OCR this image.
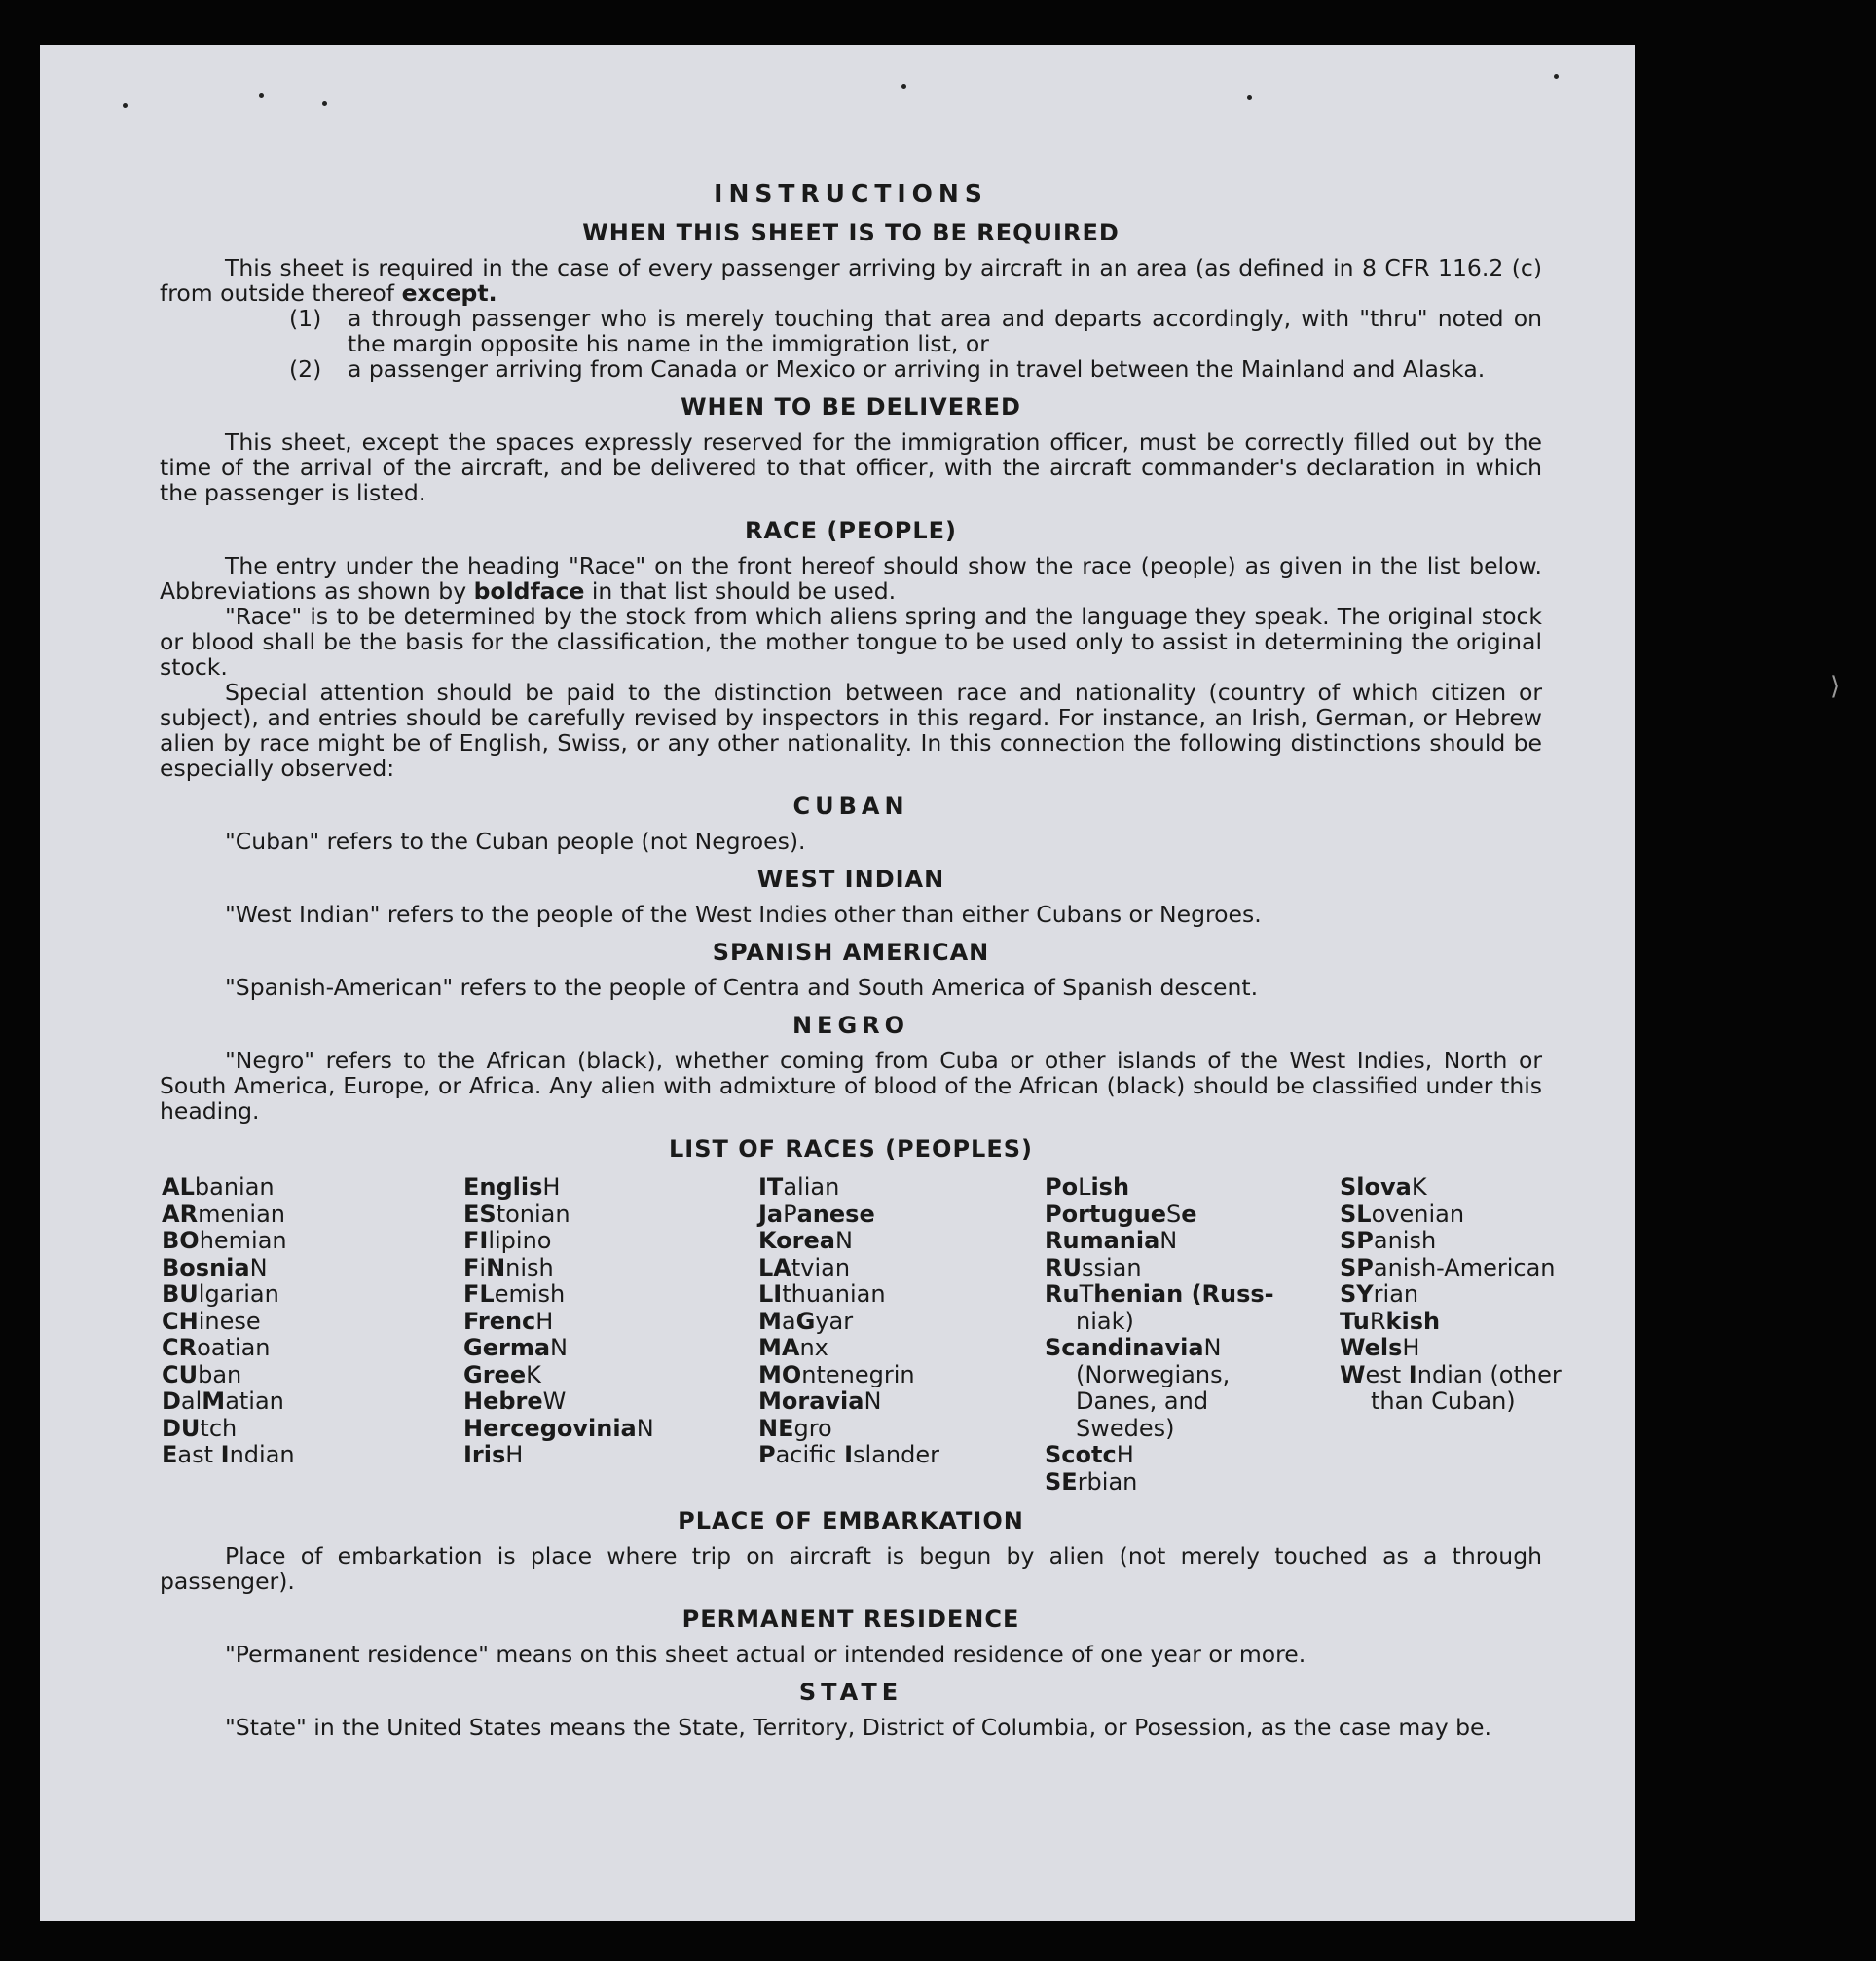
⟩
INSTRUCTIONS
WHEN THIS SHEET IS TO BE REQUIRED

This sheet is required in the case of every passenger arriving by aircraft in an area (as defined in 8 CFR 116.2 (c) from outside thereof except.

(1)	a through passenger who is merely touching that area and departs accordingly, with "thru" noted on the margin opposite his name in the immigration list, or
(2)	a passenger arriving from Canada or Mexico or arriving in travel between the Mainland and Alaska.
WHEN TO BE DELIVERED

This sheet, except the spaces expressly reserved for the immigration officer, must be correctly filled out by the time of the arrival of the aircraft, and be delivered to that officer, with the aircraft commander's declaration in which the passenger is listed.

RACE (PEOPLE)

The entry under the heading "Race" on the front hereof should show the race (people) as given in the list below. Abbreviations as shown by boldface in that list should be used.

"Race" is to be determined by the stock from which aliens spring and the language they speak. The original stock or blood shall be the basis for the classification, the mother tongue to be used only to assist in determining the original stock.

Special attention should be paid to the distinction between race and nationality (country of which citizen or subject), and entries should be carefully revised by inspectors in this regard. For instance, an Irish, German, or Hebrew alien by race might be of English, Swiss, or any other nationality. In this connection the following distinctions should be especially observed:

CUBAN

"Cuban" refers to the Cuban people (not Negroes).

WEST INDIAN

"West Indian" refers to the people of the West Indies other than either Cubans or Negroes.

SPANISH AMERICAN

"Spanish-American" refers to the people of Centra and South America of Spanish descent.

NEGRO

"Negro" refers to the African (black), whether coming from Cuba or other islands of the West Indies, North or South America, Europe, or Africa. Any alien with admixture of blood of the African (black) should be classified under this heading.

LIST OF RACES (PEOPLES)
ALbanian
ARmenian
BOhemian
BosniaN
BUlgarian
CHinese
CRoatian
CUban
DalMatian
DUtch
East Indian
EnglisH
EStonian
FIlipino
FiNnish
FLemish
FrencH
GermaN
GreeK
HebreW
HercegoviniaN
IrisH
ITalian
JaPanese
KoreaN
LAtvian
LIthuanian
MaGyar
MAnx
MOntenegrin
MoraviaN
NEgro
Pacific Islander
PoLish
PortugueSe
RumaniaN
RUssian
RuThenian (Russ-
niak)
ScandinaviaN
(Norwegians,
Danes, and
Swedes)
ScotcH
SErbian
SlovaK
SLovenian
SPanish
SPanish-American
SYrian
TuRkish
WelsH
West Indian (other
than Cuban)
PLACE OF EMBARKATION

Place of embarkation is place where trip on aircraft is begun by alien (not merely touched as a through passenger).

PERMANENT RESIDENCE

"Permanent residence" means on this sheet actual or intended residence of one year or more.

STATE

"State" in the United States means the State, Territory, District of Columbia, or Posession, as the case may be.
